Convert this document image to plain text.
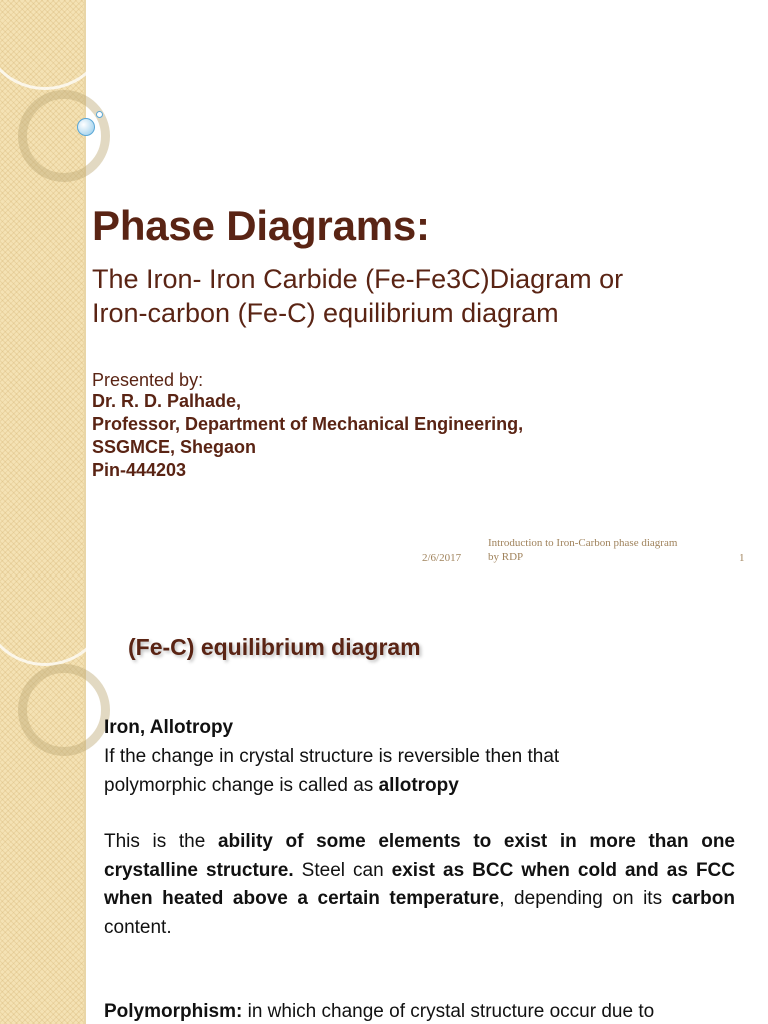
Phase Diagrams:
The Iron- Iron Carbide (Fe-Fe3C)Diagram or
Iron-carbon (Fe-C) equilibrium diagram
Presented by:
Dr. R. D. Palhade,
Professor, Department of Mechanical Engineering,
SSGMCE, Shegaon
Pin-444203
2/6/2017
Introduction to Iron-Carbon phase diagram
by RDP	1
(Fe-C) equilibrium diagram

Iron, Allotropy

If the change in crystal structure is reversible then that
polymorphic change is called as allotropy

This is the ability of some elements to exist in more than one crystalline structure. Steel can exist as BCC when cold and as FCC when heated above a certain temperature, depending on its carbon content.

Polymorphism: in which change of crystal structure occur due to
